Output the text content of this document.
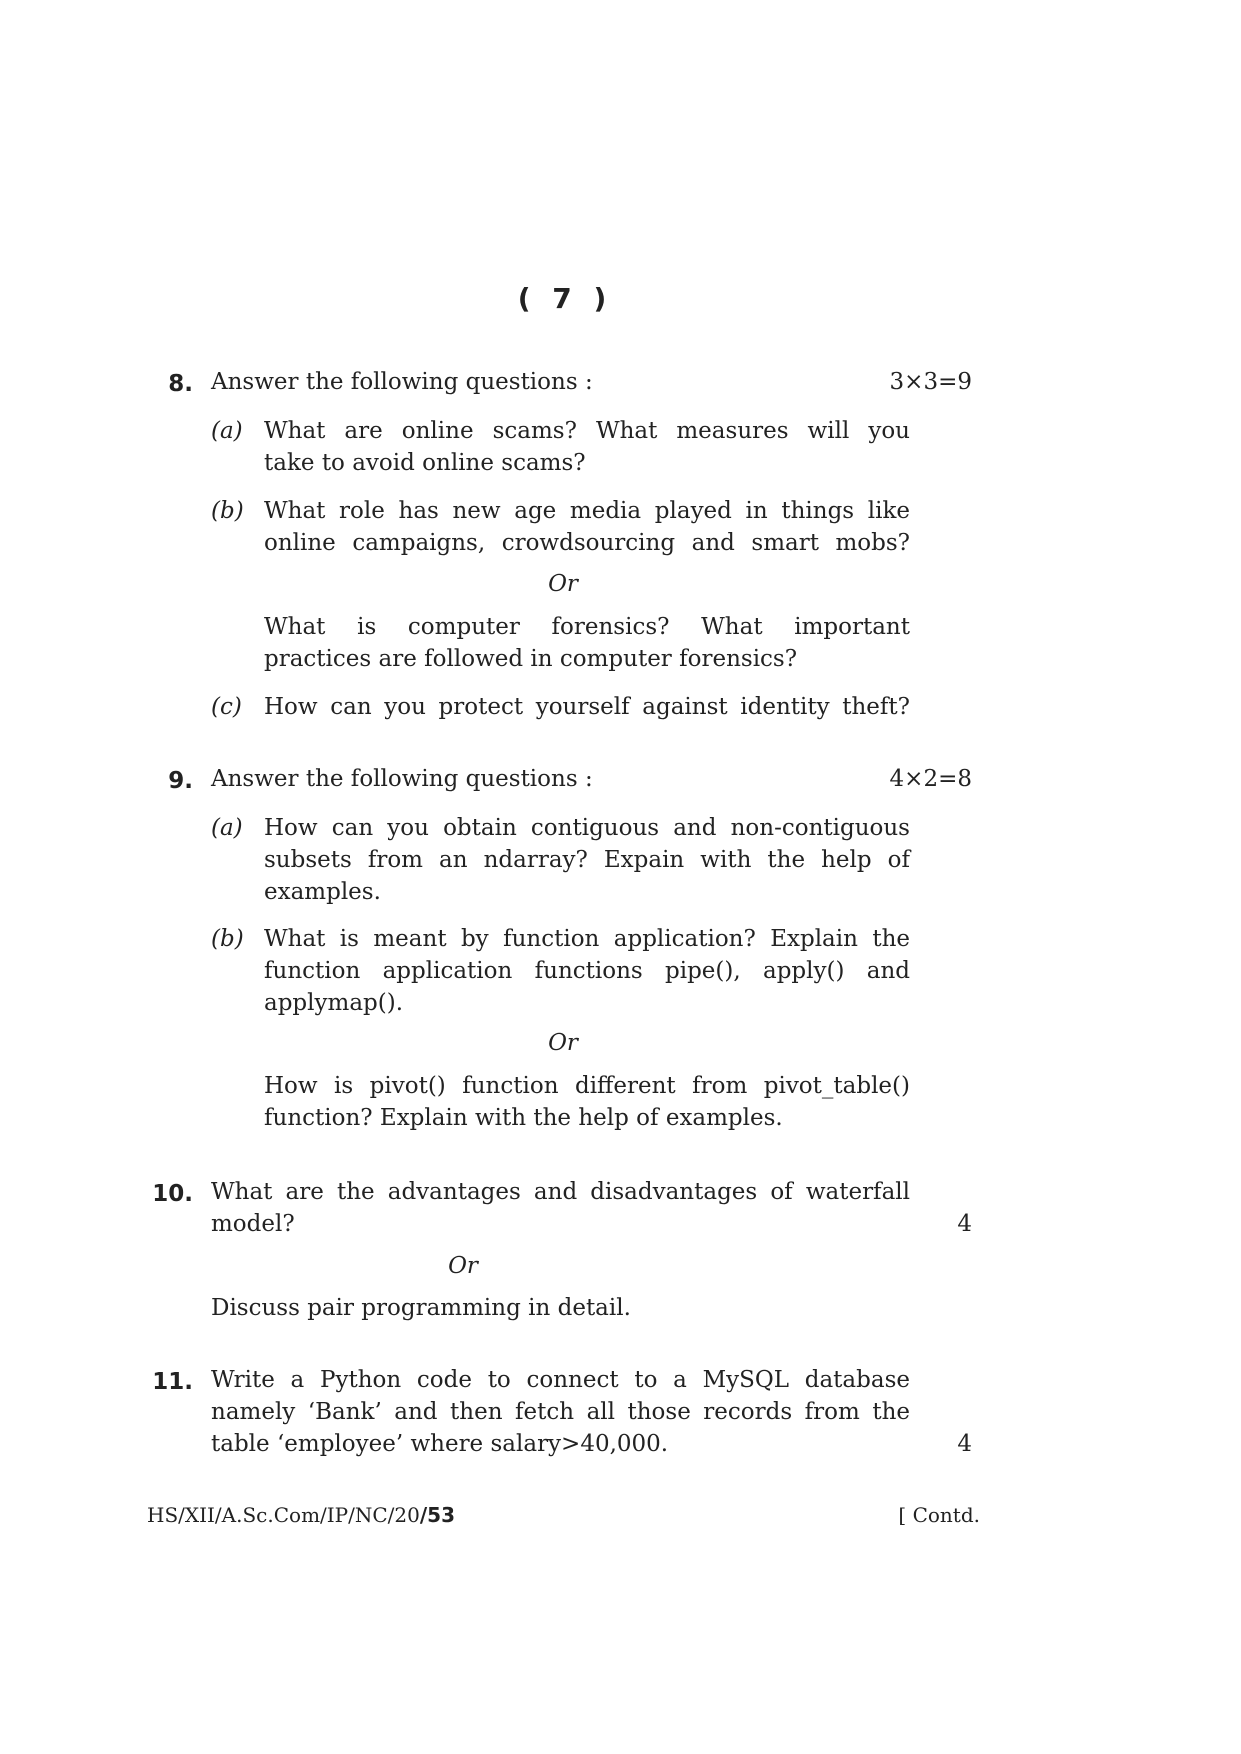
( 7 )
8. Answer the following questions :	3×3=9
(a) What are online scams? What measures will you
take to avoid online scams?
(b) What role has new age media played in things like
online campaigns, crowdsourcing and smart mobs?
Or
What is computer forensics? What important
practices are followed in computer forensics?
(c) How can you protect yourself against identity theft?
9. Answer the following questions :	4×2=8
(a) How can you obtain contiguous and non-contiguous
subsets from an ndarray? Expain with the help of
examples.
(b) What is meant by function application? Explain the
function application functions pipe(), apply() and
applymap().
Or
How is pivot() function different from pivot_table()
function? Explain with the help of examples.
10. What are the advantages and disadvantages of waterfall
model?	4
Or
Discuss pair programming in detail.
11. Write a Python code to connect to a MySQL database
namely ‘Bank’ and then fetch all those records from the
table ‘employee’ where salary>40,000.	4
HS/XII/A.Sc.Com/IP/NC/20/53	[ Contd.
